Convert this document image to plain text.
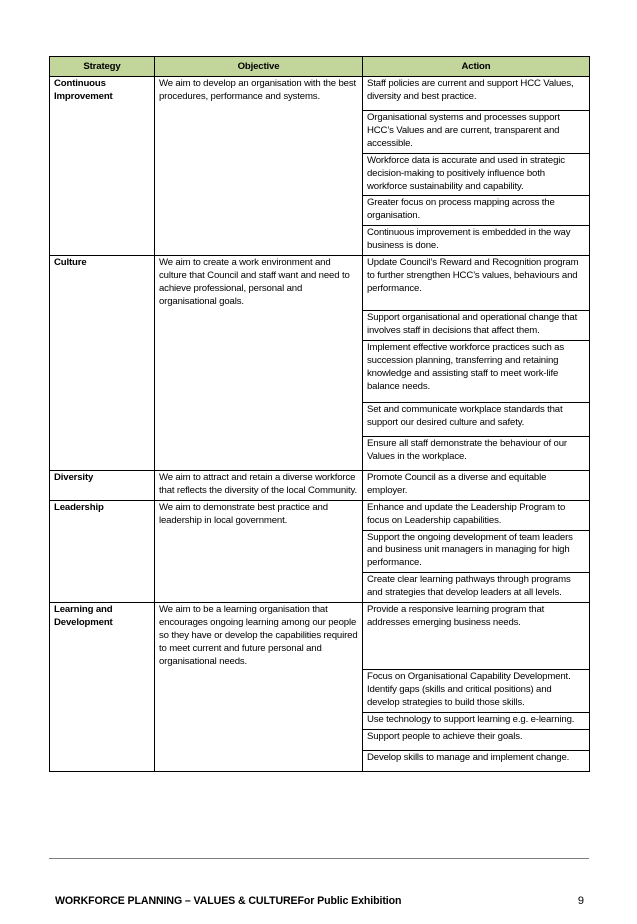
Strategy	Objective	Action
Continuous Improvement	We aim to develop an organisation with the best procedures, performance and systems.	Staff policies are current and support HCC Values, diversity and best practice.
		Organisational systems and processes support HCC’s Values and are current, transparent and accessible.
		Workforce data is accurate and used in strategic decision-making to positively influence both workforce sustainability and capability.
		Greater focus on process mapping across the organisation.
		Continuous improvement is embedded in the way business is done.
Culture	We aim to create a work environment and culture that Council and staff want and need to achieve professional, personal and organisational goals.	Update Council’s Reward and Recognition program to further strengthen HCC’s values, behaviours and performance.
		Support organisational and operational change that involves staff in decisions that affect them.
		Implement effective workforce practices such as succession planning, transferring and retaining knowledge and assisting staff to meet work-life balance needs.
		Set and communicate workplace standards that support our desired culture and safety.
		Ensure all staff demonstrate the behaviour of our Values in the workplace.
Diversity	We aim to attract and retain a diverse workforce that reflects the diversity of the local Community.	Promote Council as a diverse and equitable employer.
Leadership	We aim to demonstrate best practice and leadership in local government.	Enhance and update the Leadership Program to focus on Leadership capabilities.
		Support the ongoing development of team leaders and business unit managers in managing for high performance.
		Create clear learning pathways through programs and strategies that develop leaders at all levels.
Learning and Development	We aim to be a learning organisation that encourages ongoing learning among our people so they have or develop the capabilities required to meet current and future personal and organisational needs.	Provide a responsive learning program that addresses emerging business needs.
		Focus on Organisational Capability Development. Identify gaps (skills and critical positions) and develop strategies to build those skills.
		Use technology to support learning e.g. e-learning.
		Support people to achieve their goals.
		Develop skills to manage and implement change.
WORKFORCE PLANNING – VALUES & CULTUREFor Public Exhibition	9
